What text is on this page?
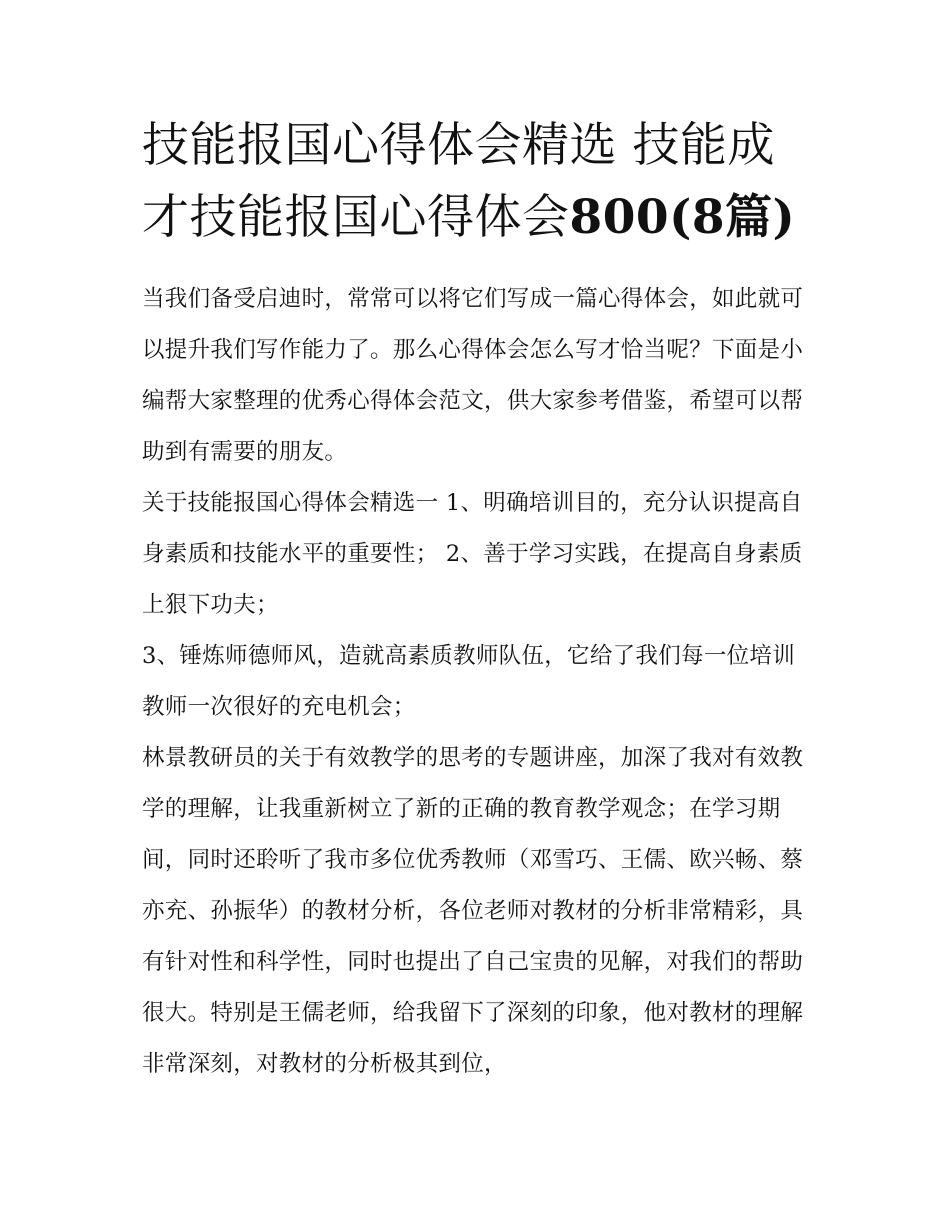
技能报国心得体会精选 技能成才技能报国心得体会800(8篇)

当我们备受启迪时，常常可以将它们写成一篇心得体会，如此就可以提升我们写作能力了。那么心得体会怎么写才恰当呢？下面是小编帮大家整理的优秀心得体会范文，供大家参考借鉴，希望可以帮助到有需要的朋友。

关于技能报国心得体会精选一 1、明确培训目的，充分认识提高自身素质和技能水平的重要性； 2、善于学习实践，在提高自身素质上狠下功夫；

3、锤炼师德师风，造就高素质教师队伍，它给了我们每一位培训教师一次很好的充电机会；

林景教研员的关于有效教学的思考的专题讲座，加深了我对有效教学的理解，让我重新树立了新的正确的教育教学观念；在学习期间，同时还聆听了我市多位优秀教师（邓雪巧、王儒、欧兴畅、蔡亦充、孙振华）的教材分析，各位老师对教材的分析非常精彩，具有针对性和科学性，同时也提出了自己宝贵的见解，对我们的帮助很大。特别是王儒老师，给我留下了深刻的印象，他对教材的理解非常深刻，对教材的分析极其到位，
